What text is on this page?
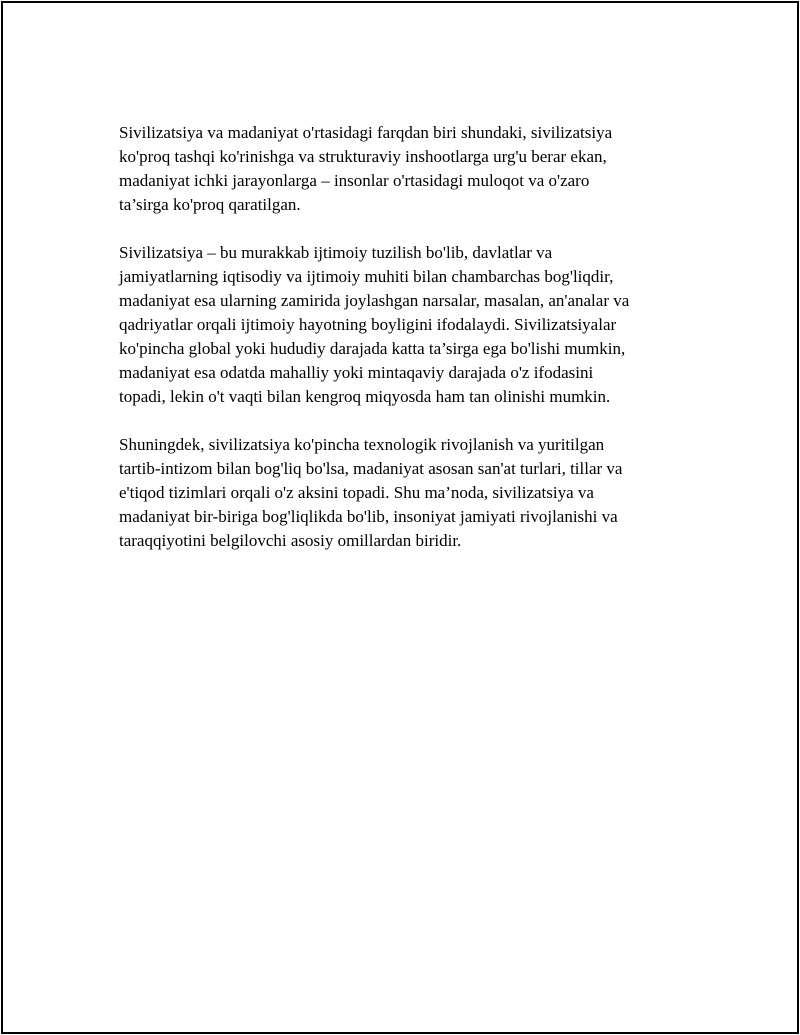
Sivilizatsiya va madaniyat o'rtasidagi farqdan biri shundaki, sivilizatsiya
ko'proq tashqi ko'rinishga va strukturaviy inshootlarga urg'u berar ekan,
madaniyat ichki jarayonlarga – insonlar o'rtasidagi muloqot va o'zaro
ta’sirga ko'proq qaratilgan.

Sivilizatsiya – bu murakkab ijtimoiy tuzilish bo'lib, davlatlar va
jamiyatlarning iqtisodiy va ijtimoiy muhiti bilan chambarchas bog'liqdir,
madaniyat esa ularning zamirida joylashgan narsalar, masalan, an'analar va
qadriyatlar orqali ijtimoiy hayotning boyligini ifodalaydi. Sivilizatsiyalar
ko'pincha global yoki hududiy darajada katta ta’sirga ega bo'lishi mumkin,
madaniyat esa odatda mahalliy yoki mintaqaviy darajada o'z ifodasini
topadi, lekin o't vaqti bilan kengroq miqyosda ham tan olinishi mumkin.

Shuningdek, sivilizatsiya ko'pincha texnologik rivojlanish va yuritilgan
tartib-intizom bilan bog'liq bo'lsa, madaniyat asosan san'at turlari, tillar va
e'tiqod tizimlari orqali o'z aksini topadi. Shu ma’noda, sivilizatsiya va
madaniyat bir-biriga bog'liqlikda bo'lib, insoniyat jamiyati rivojlanishi va
taraqqiyotini belgilovchi asosiy omillardan biridir.
